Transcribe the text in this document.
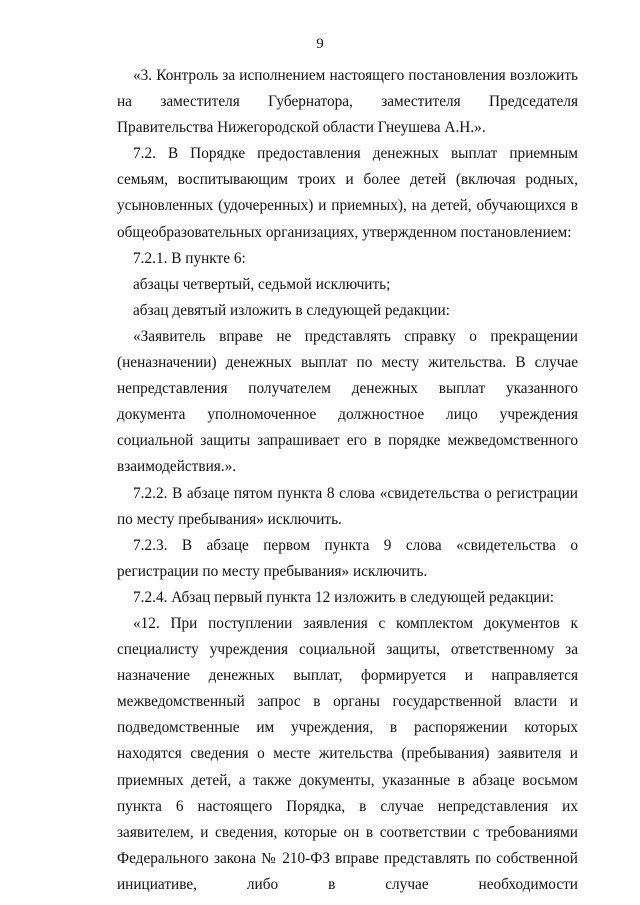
9

«3. Контроль за исполнением настоящего постановления возложить на заместителя Губернатора, заместителя Председателя Правительства Нижегородской области Гнеушева А.Н.».

7.2. В Порядке предоставления денежных выплат приемным семьям, воспитывающим троих и более детей (включая родных, усыновленных (удочеренных) и приемных), на детей, обучающихся в общеобразовательных организациях, утвержденном постановлением:

7.2.1. В пункте 6:

абзацы четвертый, седьмой исключить;

абзац девятый изложить в следующей редакции:

«Заявитель вправе не представлять справку о прекращении (неназначении) денежных выплат по месту жительства. В случае непредставления получателем денежных выплат указанного документа уполномоченное должностное лицо учреждения социальной защиты запрашивает его в порядке межведомственного взаимодействия.».

7.2.2. В абзаце пятом пункта 8 слова «свидетельства о регистрации по месту пребывания» исключить.

7.2.3. В абзаце первом пункта 9 слова «свидетельства о регистрации по месту пребывания» исключить.

7.2.4. Абзац первый пункта 12 изложить в следующей редакции:

«12. При поступлении заявления с комплектом документов к специалисту учреждения социальной защиты, ответственному за назначение денежных выплат, формируется и направляется межведомственный запрос в органы государственной власти и подведомственные им учреждения, в распоряжении которых находятся сведения о месте жительства (пребывания) заявителя и приемных детей, а также документы, указанные в абзаце восьмом пункта 6 настоящего Порядка, в случае непредставления их заявителем, и сведения, которые он в соответствии с требованиями Федерального закона № 210-ФЗ вправе представлять по собственной инициативе, либо в случае необходимости
